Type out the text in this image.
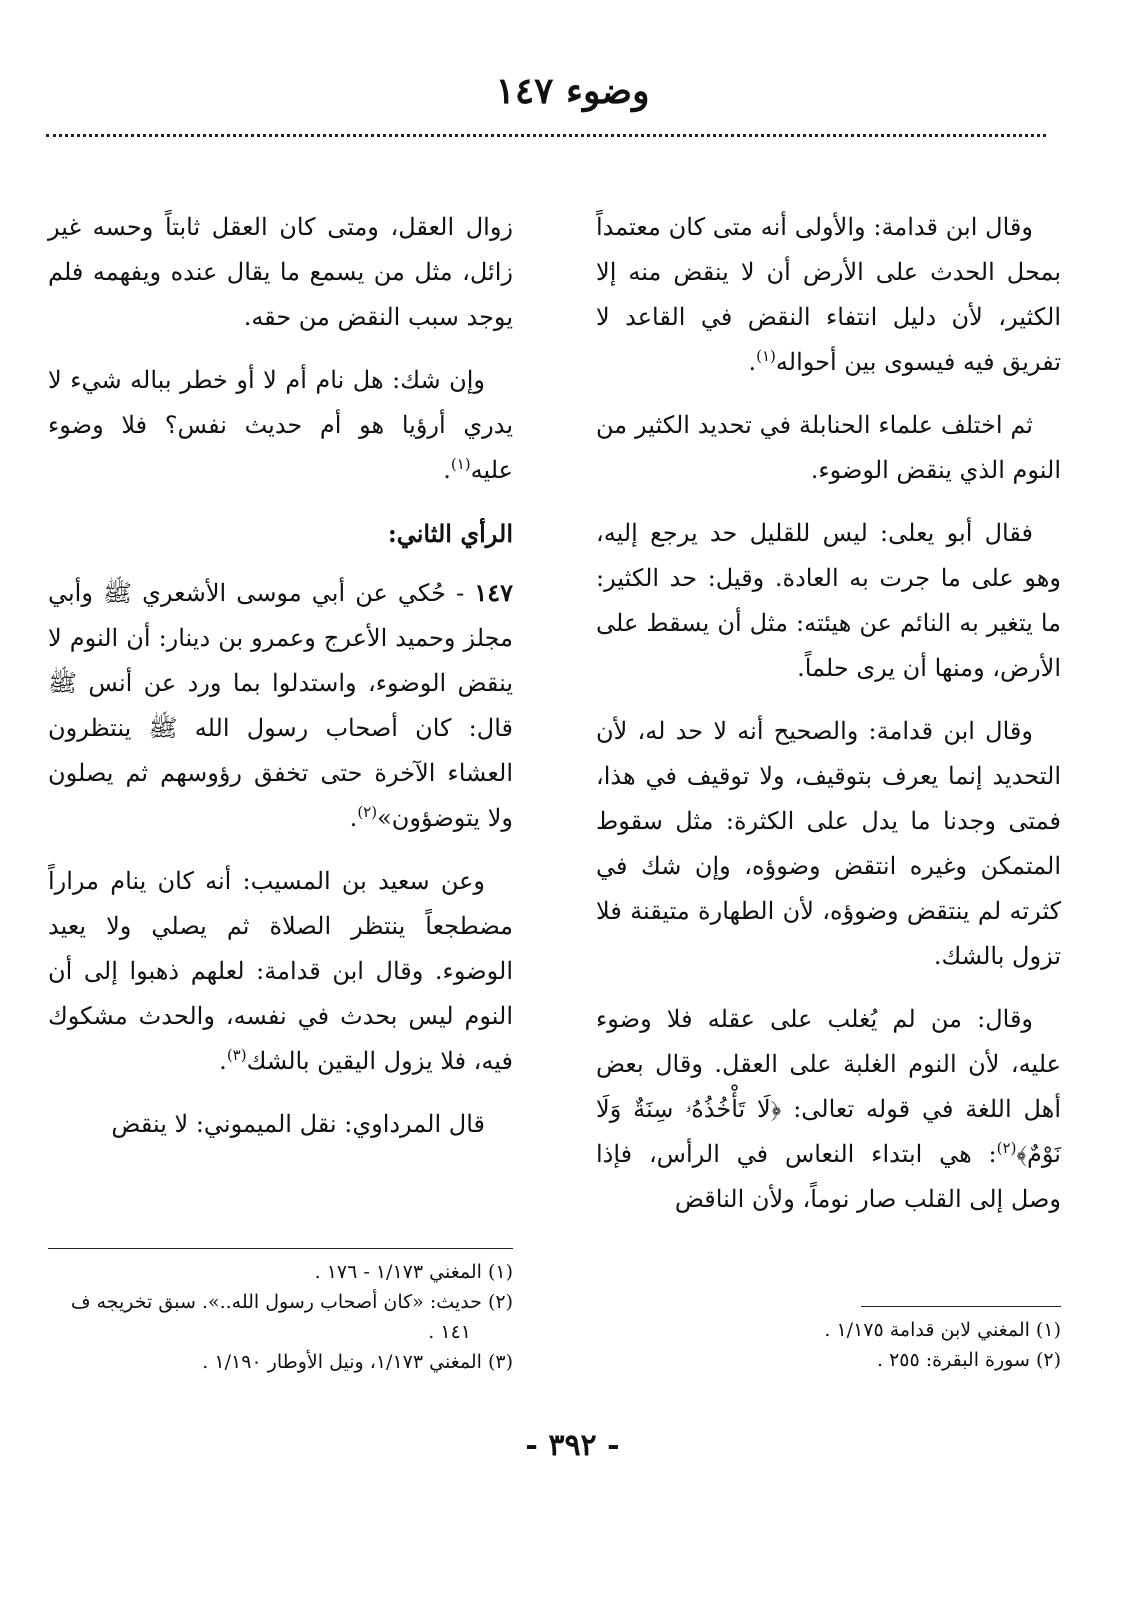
وضوء ١٤٧

وقال ابن قدامة: والأولى أنه متى كان معتمداً بمحل الحدث على الأرض أن لا ينقض منه إلا الكثير، لأن دليل انتفاء النقض في القاعد لا تفريق فيه فيسوى بين أحواله$^{(١)}$.

ثم اختلف علماء الحنابلة في تحديد الكثير من النوم الذي ينقض الوضوء.

فقال أبو يعلى: ليس للقليل حد يرجع إليه، وهو على ما جرت به العادة. وقيل: حد الكثير: ما يتغير به النائم عن هيئته: مثل أن يسقط على الأرض، ومنها أن يرى حلماً.

وقال ابن قدامة: والصحيح أنه لا حد له، لأن التحديد إنما يعرف بتوقيف، ولا توقيف في هذا، فمتى وجدنا ما يدل على الكثرة: مثل سقوط المتمكن وغيره انتقض وضوؤه، وإن شك في كثرته لم ينتقض وضوؤه، لأن الطهارة متيقنة فلا تزول بالشك.

وقال: من لم يُغلب على عقله فلا وضوء عليه، لأن النوم الغلبة على العقل. وقال بعض أهل اللغة في قوله تعالى: ﴿لَا تَأْخُذُهُۥ سِنَةٌ وَلَا نَوْمٌ﴾$^{(٢)}$: هي ابتداء النعاس في الرأس، فإذا وصل إلى القلب صار نوماً، ولأن الناقض

(١) المغني لابن قدامة ١/١٧٥ .

(٢) سورة البقرة: ٢٥٥ .

زوال العقل، ومتى كان العقل ثابتاً وحسه غير زائل، مثل من يسمع ما يقال عنده ويفهمه فلم يوجد سبب النقض من حقه.

وإن شك: هل نام أم لا أو خطر بباله شيء لا يدري أرؤيا هو أم حديث نفس؟ فلا وضوء عليه$^{(١)}$.

الرأي الثاني:

١٤٧ - حُكي عن أبي موسى الأشعري ﷺ وأبي مجلز وحميد الأعرج وعمرو بن دينار: أن النوم لا ينقض الوضوء، واستدلوا بما ورد عن أنس ﷺ قال: كان أصحاب رسول الله ﷺ ينتظرون العشاء الآخرة حتى تخفق رؤوسهم ثم يصلون ولا يتوضؤون»$^{(٢)}$.

وعن سعيد بن المسيب: أنه كان ينام مراراً مضطجعاً ينتظر الصلاة ثم يصلي ولا يعيد الوضوء. وقال ابن قدامة: لعلهم ذهبوا إلى أن النوم ليس بحدث في نفسه، والحدث مشكوك فيه، فلا يزول اليقين بالشك$^{(٣)}$.

قال المرداوي: نقل الميموني: لا ينقض

(١) المغني ١/١٧٣ - ١٧٦ .

(٢) حديث: «كان أصحاب رسول الله..». سبق تخريجه ف ١٤١ .

(٣) المغني ١/١٧٣، ونيل الأوطار ١/١٩٠ .

- ٣٩٢ -
